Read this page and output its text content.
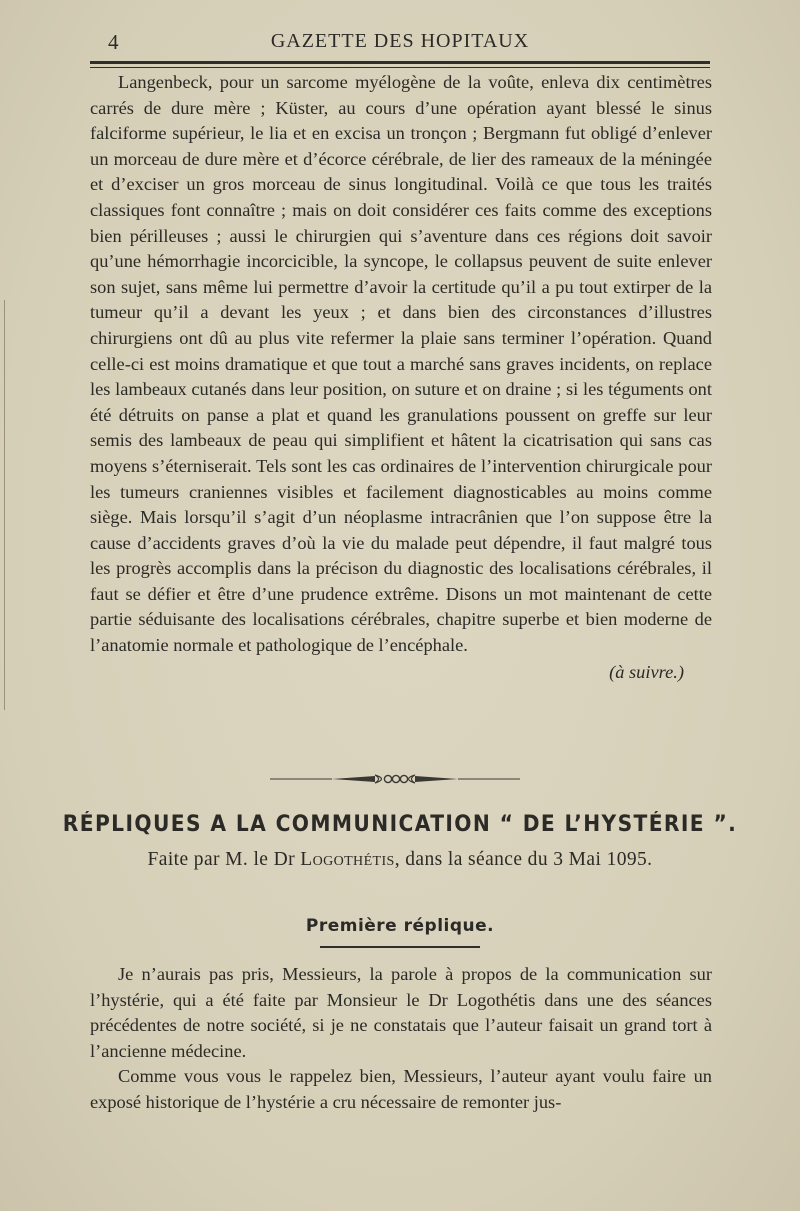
4	GAZETTE DES HOPITAUX

Langenbeck, pour un sarcome myélogène de la voûte, enleva dix centimètres carrés de dure mère ; Küster, au cours d’une opération ayant blessé le sinus falciforme supérieur, le lia et en excisa un tronçon ; Bergmann fut obligé d’enlever un morceau de dure mère et d’écorce cérébrale, de lier des rameaux de la méningée et d’exciser un gros morceau de sinus longitudinal. Voilà ce que tous les traités classiques font connaître ; mais on doit considérer ces faits comme des exceptions bien périlleuses ; aussi le chirurgien qui s’aventure dans ces régions doit savoir qu’une hémorrhagie incorcicible, la syncope, le collapsus peuvent de suite enlever son sujet, sans même lui permettre d’avoir la certitude qu’il a pu tout extirper de la tumeur qu’il a devant les yeux ; et dans bien des circonstances d’illustres chirurgiens ont dû au plus vite refermer la plaie sans terminer l’opération. Quand celle-ci est moins dramatique et que tout a marché sans graves incidents, on replace les lambeaux cutanés dans leur position, on suture et on draine ; si les téguments ont été détruits on panse a plat et quand les granulations poussent on greffe sur leur semis des lambeaux de peau qui simplifient et hâtent la cicatrisation qui sans cas moyens s’éterniserait. Tels sont les cas ordinaires de l’intervention chirurgicale pour les tumeurs craniennes visibles et facilement diagnosticables au moins comme siège. Mais lorsqu’il s’agit d’un néoplasme intracrânien que l’on suppose être la cause d’accidents graves d’où la vie du malade peut dépendre, il faut malgré tous les progrès accomplis dans la précison du diagnostic des localisations cérébrales, il faut se défier et être d’une prudence extrême. Disons un mot maintenant de cette partie séduisante des localisations cérébrales, chapitre superbe et bien moderne de l’anatomie normale et pathologique de l’encéphale.

(à suivre.)

RÉPLIQUES A LA COMMUNICATION “ DE L’HYSTÉRIE ”.
Faite par M. le Dr Logothétis, dans la séance du 3 Mai 1095.
Première réplique.

Je n’aurais pas pris, Messieurs, la parole à propos de la communication sur l’hystérie, qui a été faite par Monsieur le Dr Logothétis dans une des séances précédentes de notre société, si je ne constatais que l’auteur faisait un grand tort à l’ancienne médecine.

Comme vous vous le rappelez bien, Messieurs, l’auteur ayant voulu faire un exposé historique de l’hystérie a cru nécessaire de remonter jus-
